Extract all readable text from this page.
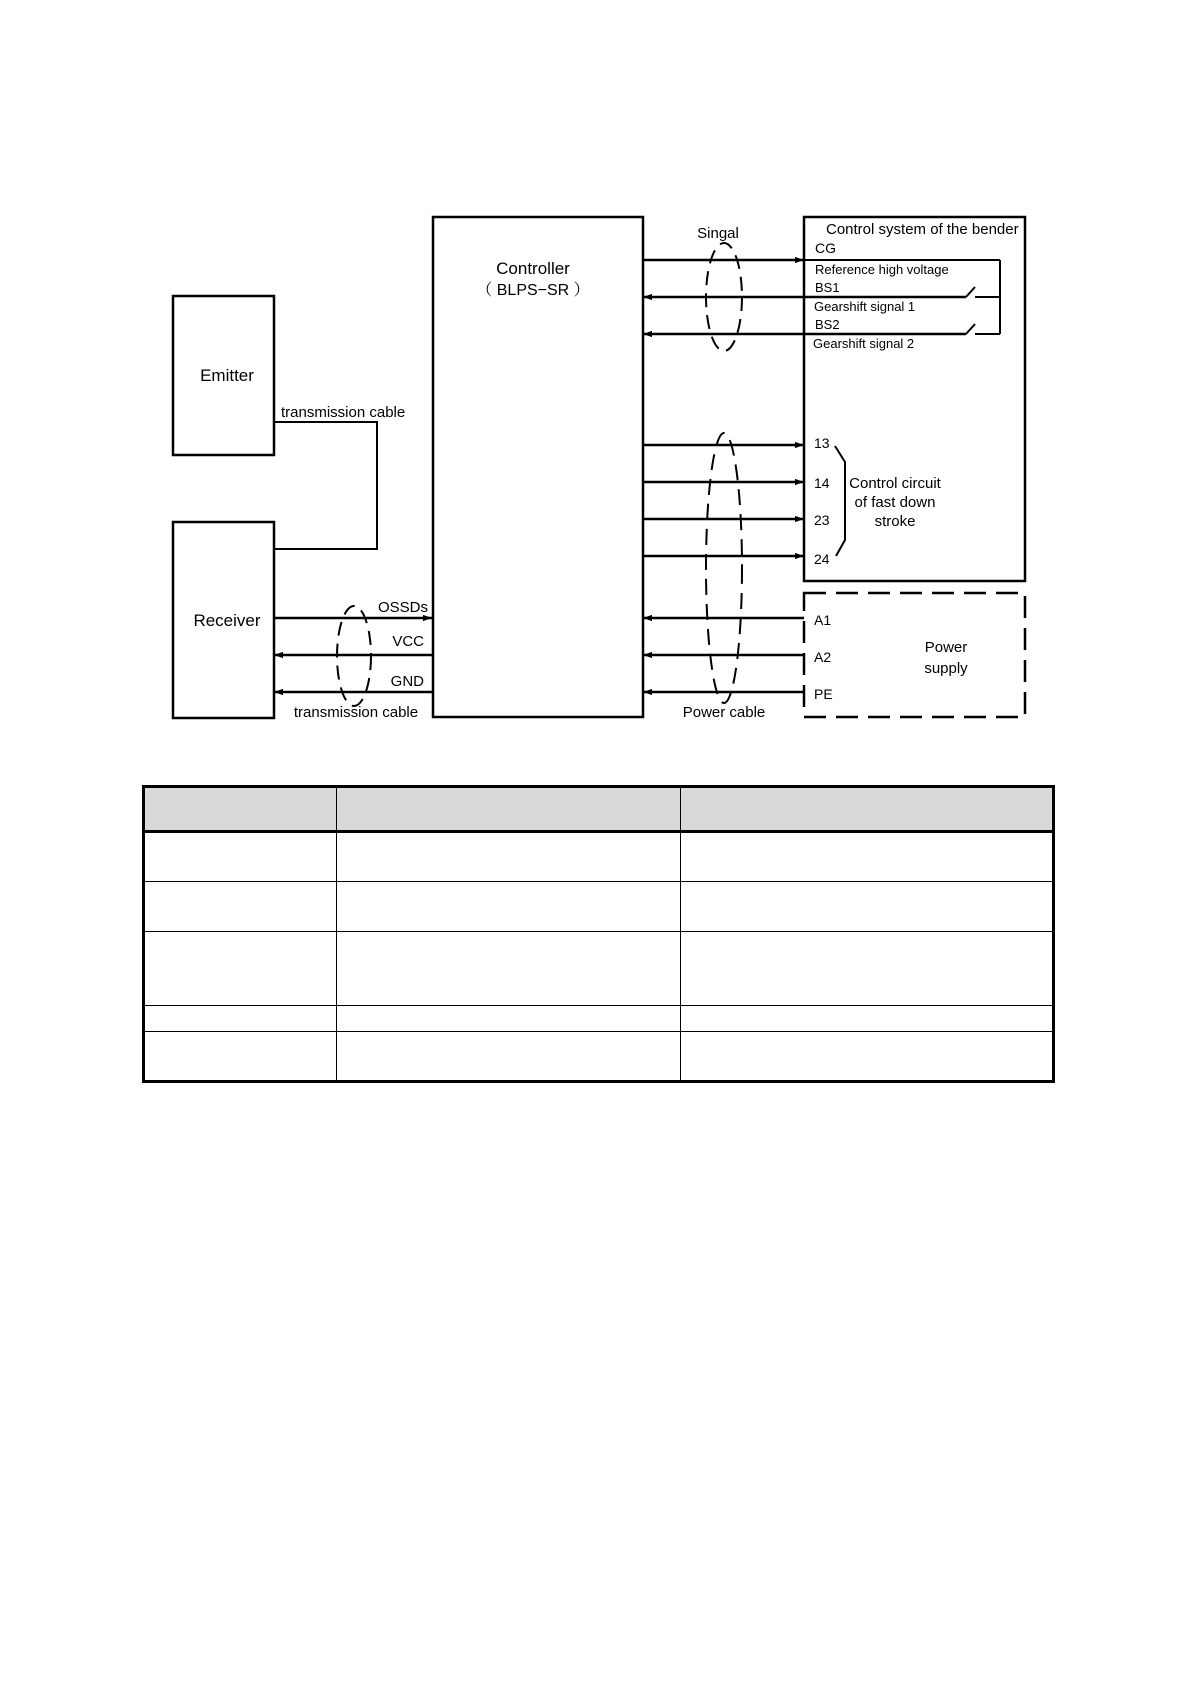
Emitter
Receiver
transmission cable
OSSDs
VCC
GND
transmission cable
Controller
（ BLPS−SR ）
Control system of the bender
CG
Reference high voltage
BS1
Gearshift signal 1
BS2
Gearshift signal 2
Singal
13
14
23
24
Control circuit
of fast down
stroke
Power
supply
A1
A2
PE
Power cable
